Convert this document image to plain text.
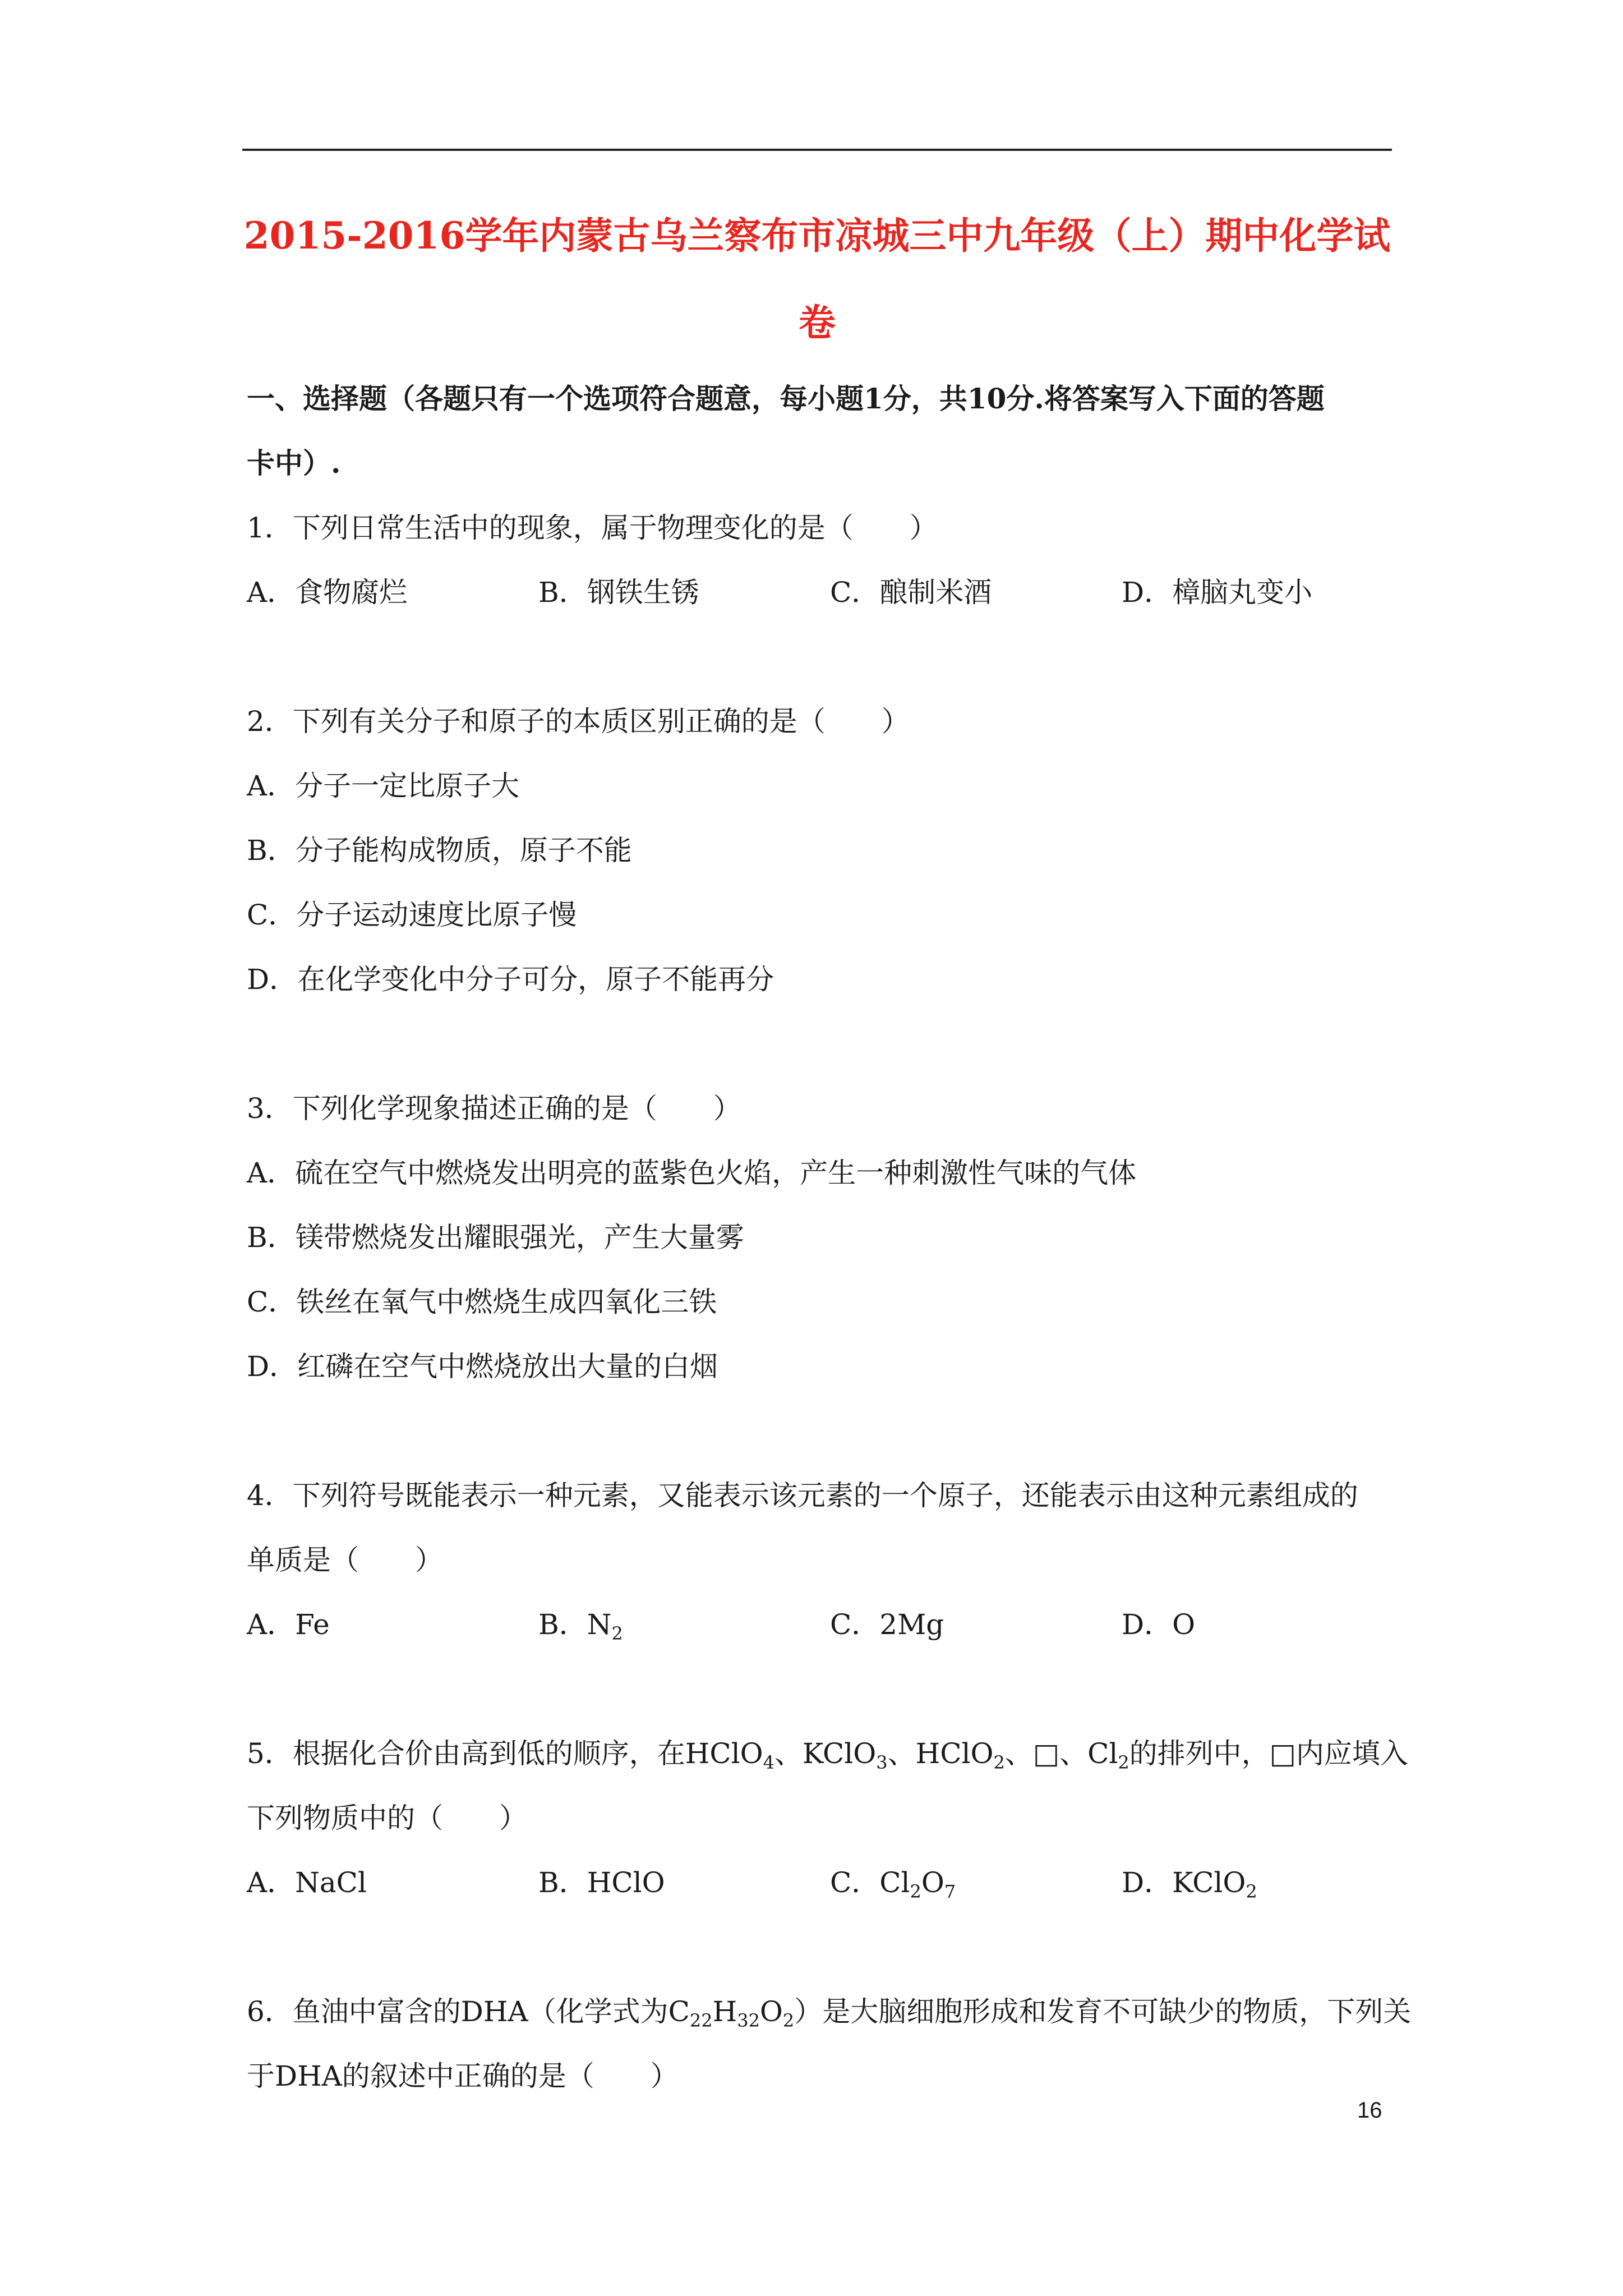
2015-2016学年内蒙古乌兰察布市凉城三中九年级（上）期中化学试
卷
一、选择题（各题只有一个选项符合题意，每小题1分，共10分.将答案写入下面的答题
卡中）.
1．下列日常生活中的现象，属于物理变化的是（　　）
A．食物腐烂	B．钢铁生锈	C．酿制米酒	D．樟脑丸变小
2．下列有关分子和原子的本质区别正确的是（　　）
A．分子一定比原子大
B．分子能构成物质，原子不能
C．分子运动速度比原子慢
D．在化学变化中分子可分，原子不能再分
3．下列化学现象描述正确的是（　　）
A．硫在空气中燃烧发出明亮的蓝紫色火焰，产生一种刺激性气味的气体
B．镁带燃烧发出耀眼强光，产生大量雾
C．铁丝在氧气中燃烧生成四氧化三铁
D．红磷在空气中燃烧放出大量的白烟
4．下列符号既能表示一种元素，又能表示该元素的一个原子，还能表示由这种元素组成的
单质是（　　）
A．Fe	B．$N_2$	C．2Mg	D．O
5．根据化合价由高到低的顺序，在HClO$_4$、KClO$_3$、HClO$_2$、□、$Cl_2$的排列中，□内应填入
下列物质中的（　　）
A．NaCl	B．HClO	C．$Cl_2O_7$	D．KClO$_2$
6．鱼油中富含的DHA（化学式为$C_{22}H_{32}O_2$）是大脑细胞形成和发育不可缺少的物质，下列关
于DHA的叙述中正确的是（　　）
16
